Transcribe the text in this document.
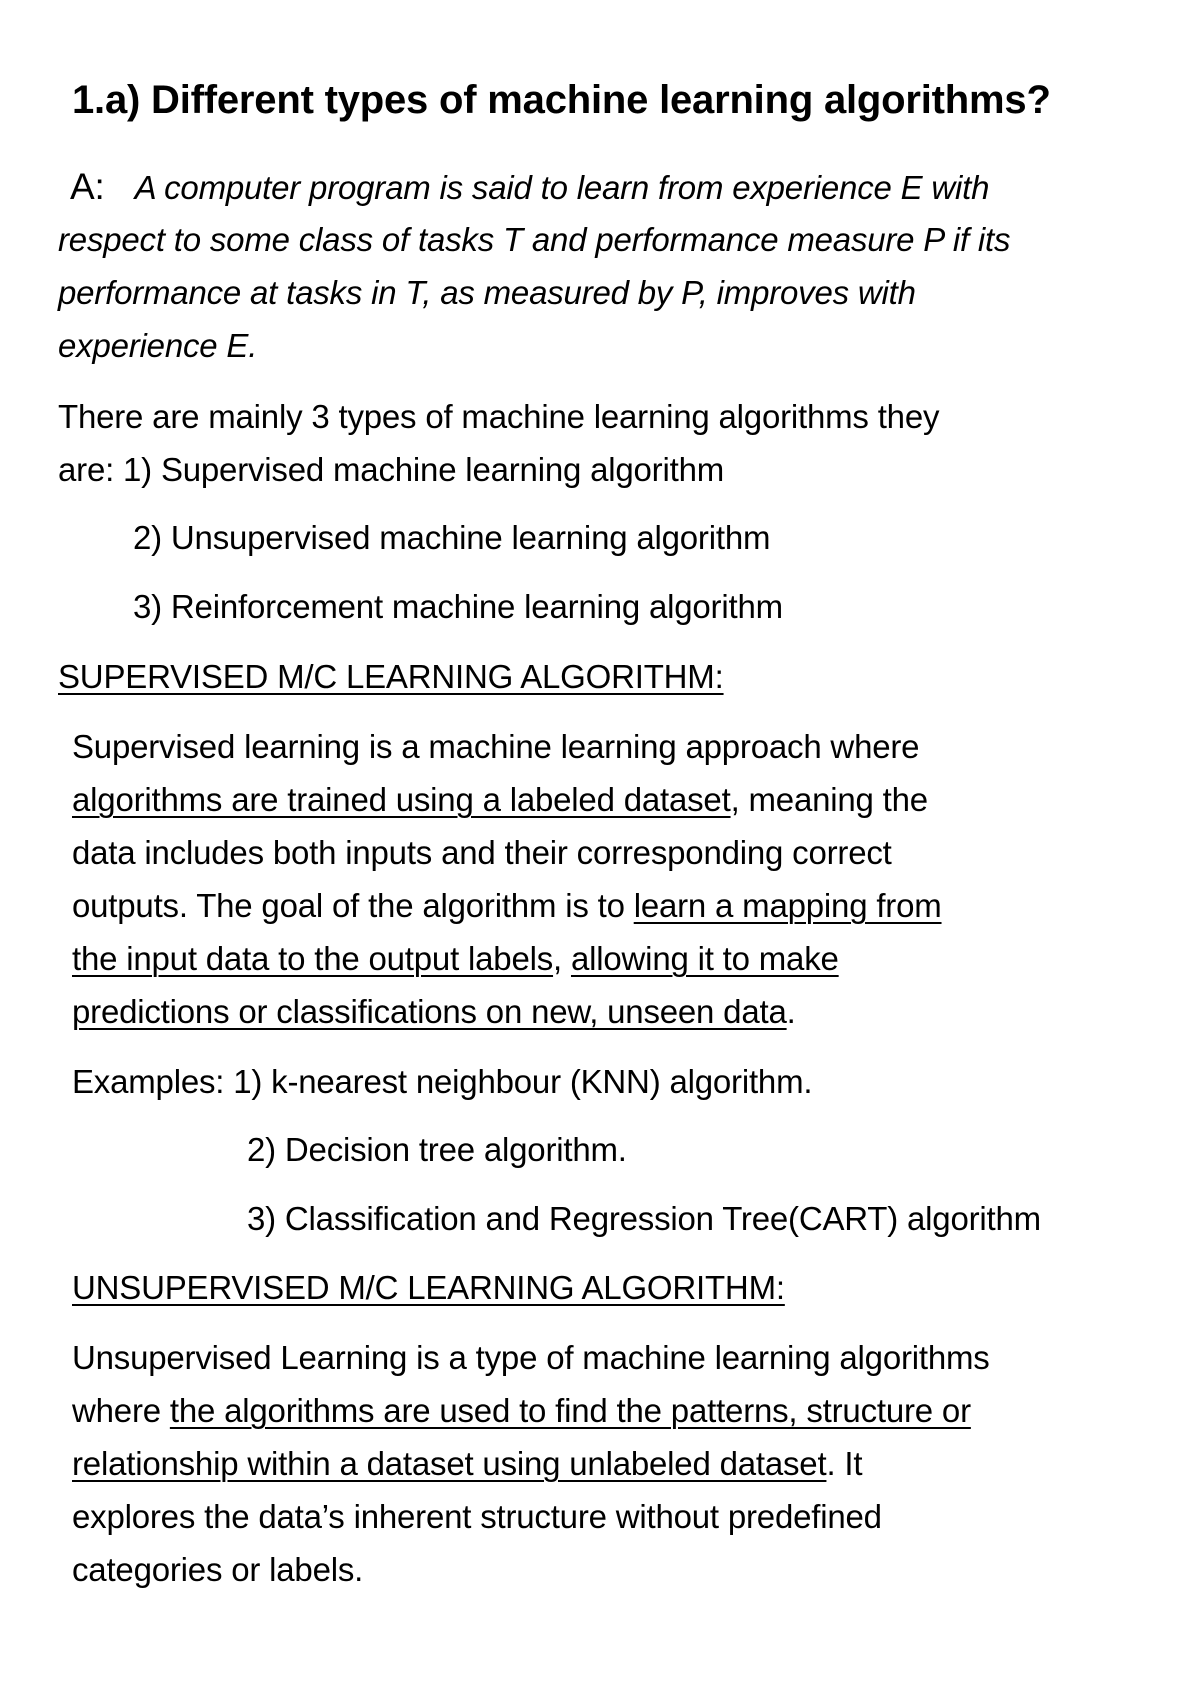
1.a) Different types of machine learning algorithms?
A: A computer program is said to learn from experience E with
respect to some class of tasks T and performance measure P if its
performance at tasks in T, as measured by P, improves with
experience E.
There are mainly 3 types of machine learning algorithms they
are: 1) Supervised machine learning algorithm
2) Unsupervised machine learning algorithm
3) Reinforcement machine learning algorithm
SUPERVISED M/C LEARNING ALGORITHM:
Supervised learning is a machine learning approach where
algorithms are trained using a labeled dataset, meaning the
data includes both inputs and their corresponding correct
outputs. The goal of the algorithm is to learn a mapping from
the input data to the output labels, allowing it to make
predictions or classifications on new, unseen data.
Examples: 1) k-nearest neighbour (KNN) algorithm.
2) Decision tree algorithm.
3) Classification and Regression Tree(CART) algorithm
UNSUPERVISED M/C LEARNING ALGORITHM:
Unsupervised Learning is a type of machine learning algorithms
where the algorithms are used to find the patterns, structure or
relationship within a dataset using unlabeled dataset. It
explores the data’s inherent structure without predefined
categories or labels.
